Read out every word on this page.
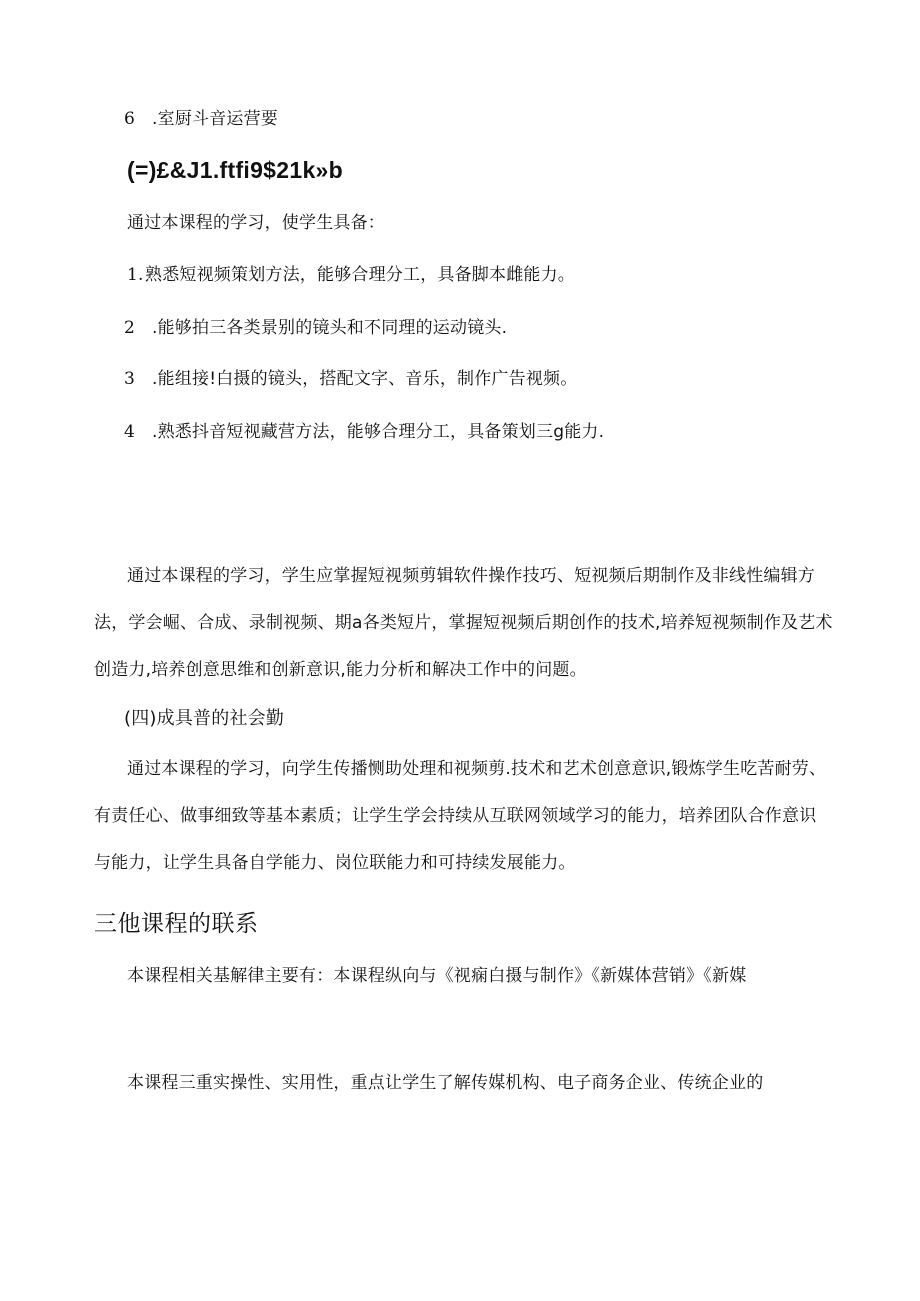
6 .室厨斗音运营要

(=)£&J1.ftfi9$21k»b

通过本课程的学习，使学生具备：

1.熟悉短视频策划方法，能够合理分工，具备脚本雌能力。

2 .能够拍三各类景别的镜头和不同理的运动镜头.

3 .能组接!白摄的镜头，搭配文字、音乐，制作广告视频。

4 .熟悉抖音短视藏营方法，能够合理分工，具备策划三g能力.

通过本课程的学习，学生应掌握短视频剪辑软件操作技巧、短视频后期制作及非线性编辑方

法，学会崛、合成、录制视频、期a各类短片，掌握短视频后期创作的技术,培养短视频制作及艺术

创造力,培养创意思维和创新意识,能力分析和解决工作中的问题。

(四)成具普的社会勤

通过本课程的学习，向学生传播恻助处理和视频剪.技术和艺术创意意识,锻炼学生吃苦耐劳、

有责任心、做事细致等基本素质；让学生学会持续从互联网领域学习的能力，培养团队合作意识

与能力，让学生具备自学能力、岗位联能力和可持续发展能力。

三他课程的联系

本课程相关基解律主要有：本课程纵向与《视痫白摄与制作》《新媒体营销》《新媒

本课程三重实操性、实用性，重点让学生了解传媒机构、电子商务企业、传统企业的
